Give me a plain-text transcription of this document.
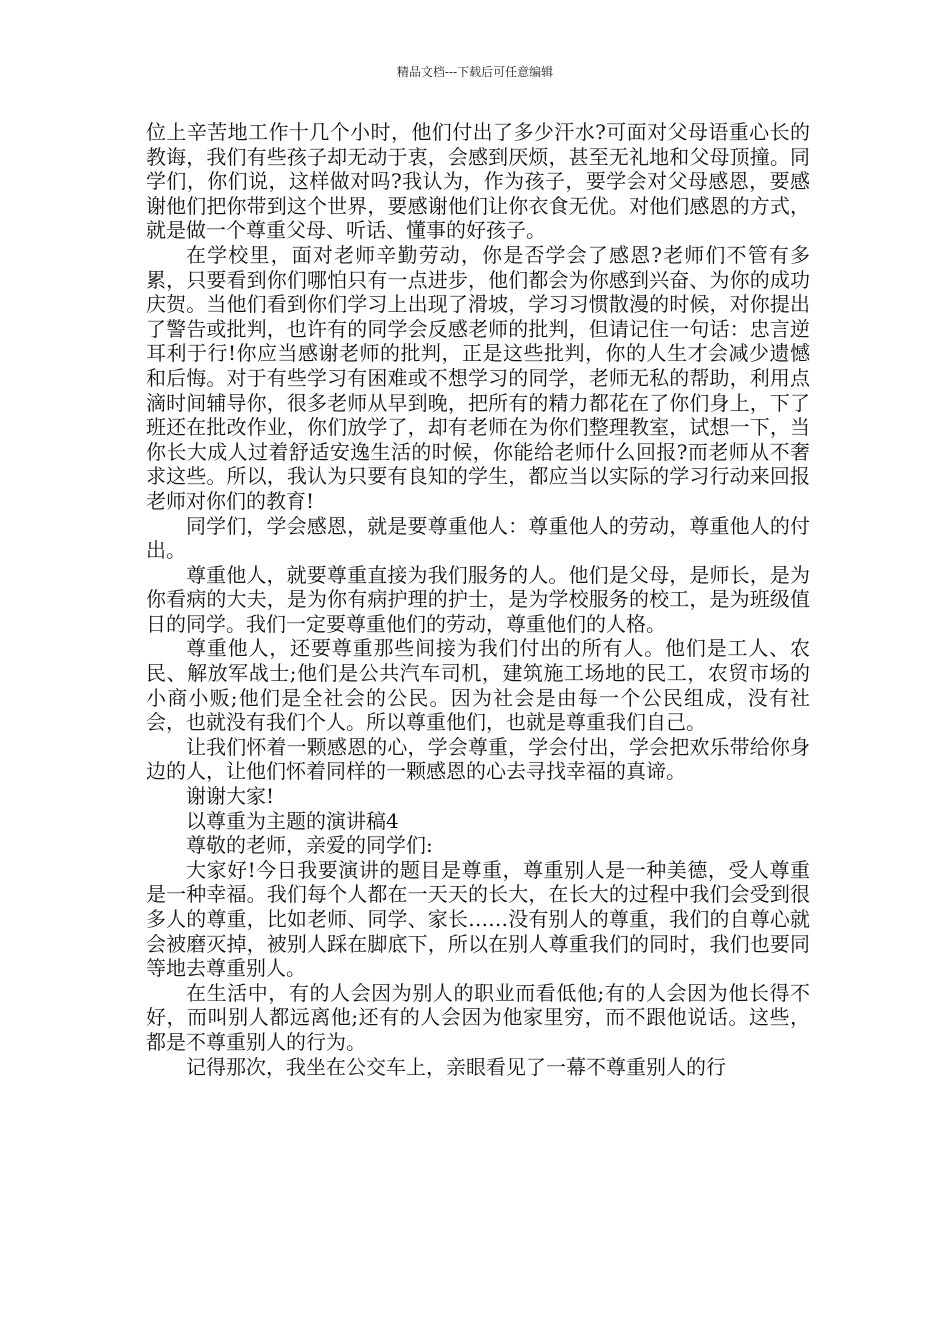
精品文档---下载后可任意编辑

位上辛苦地工作十几个小时，他们付出了多少汗水?可面对父母语重心长的教诲，我们有些孩子却无动于衷，会感到厌烦，甚至无礼地和父母顶撞。同学们，你们说，这样做对吗?我认为，作为孩子，要学会对父母感恩，要感谢他们把你带到这个世界，要感谢他们让你衣食无优。对他们感恩的方式，就是做一个尊重父母、听话、懂事的好孩子。

在学校里，面对老师辛勤劳动，你是否学会了感恩?老师们不管有多累，只要看到你们哪怕只有一点进步，他们都会为你感到兴奋、为你的成功庆贺。当他们看到你们学习上出现了滑坡，学习习惯散漫的时候，对你提出了警告或批判，也许有的同学会反感老师的批判，但请记住一句话：忠言逆耳利于行!你应当感谢老师的批判，正是这些批判，你的人生才会减少遗憾和后悔。对于有些学习有困难或不想学习的同学，老师无私的帮助，利用点滴时间辅导你，很多老师从早到晚，把所有的精力都花在了你们身上，下了班还在批改作业，你们放学了，却有老师在为你们整理教室，试想一下，当你长大成人过着舒适安逸生活的时候，你能给老师什么回报?而老师从不奢求这些。所以，我认为只要有良知的学生，都应当以实际的学习行动来回报老师对你们的教育!

同学们，学会感恩，就是要尊重他人：尊重他人的劳动，尊重他人的付出。

尊重他人，就要尊重直接为我们服务的人。他们是父母，是师长，是为你看病的大夫，是为你有病护理的护士，是为学校服务的校工，是为班级值日的同学。我们一定要尊重他们的劳动，尊重他们的人格。

尊重他人，还要尊重那些间接为我们付出的所有人。他们是工人、农民、解放军战士;他们是公共汽车司机，建筑施工场地的民工，农贸市场的小商小贩;他们是全社会的公民。因为社会是由每一个公民组成，没有社会，也就没有我们个人。所以尊重他们，也就是尊重我们自己。

让我们怀着一颗感恩的心，学会尊重，学会付出，学会把欢乐带给你身边的人，让他们怀着同样的一颗感恩的心去寻找幸福的真谛。

谢谢大家!

以尊重为主题的演讲稿4

尊敬的老师，亲爱的同学们:

大家好!今日我要演讲的题目是尊重，尊重别人是一种美德，受人尊重是一种幸福。我们每个人都在一天天的长大，在长大的过程中我们会受到很多人的尊重，比如老师、同学、家长……没有别人的尊重，我们的自尊心就会被磨灭掉，被别人踩在脚底下，所以在别人尊重我们的同时，我们也要同等地去尊重别人。

在生活中，有的人会因为别人的职业而看低他;有的人会因为他长得不好，而叫别人都远离他;还有的人会因为他家里穷，而不跟他说话。这些，都是不尊重别人的行为。

记得那次，我坐在公交车上，亲眼看见了一幕不尊重别人的行
